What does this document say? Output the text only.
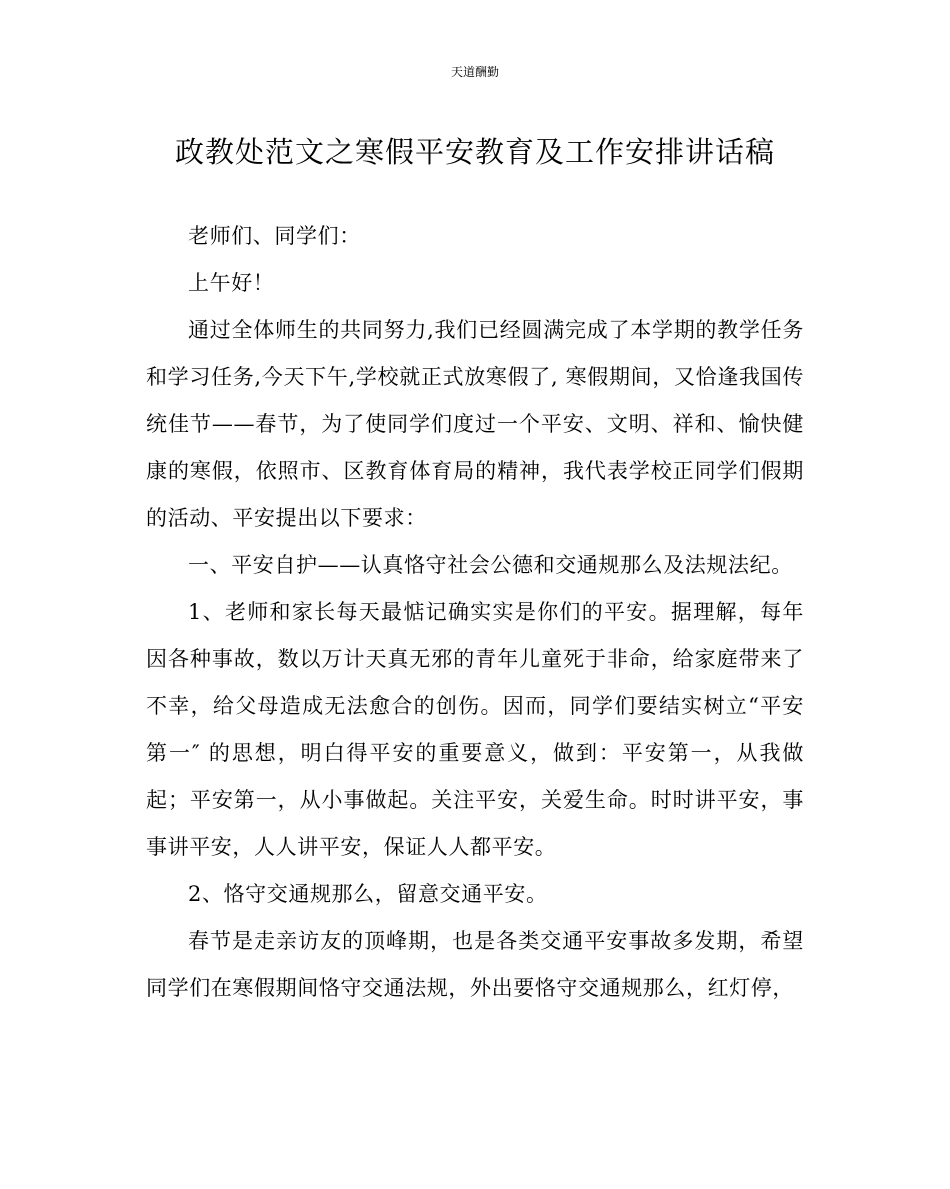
天道酬勤
政教处范文之寒假平安教育及工作安排讲话稿

老师们、同学们：

上午好！

通过全体师生的共同努力,我们已经圆满完成了本学期的教学任务和学习任务,今天下午,学校就正式放寒假了, 寒假期间，又恰逢我国传统佳节——春节，为了使同学们度过一个平安、文明、祥和、愉快健康的寒假，依照市、区教育体育局的精神，我代表学校正同学们假期的活动、平安提出以下要求：

一、平安自护——认真恪守社会公德和交通规那么及法规法纪。

1、老师和家长每天最惦记确实实是你们的平安。据理解，每年因各种事故，数以万计天真无邪的青年儿童死于非命，给家庭带来了不幸，给父母造成无法愈合的创伤。因而，同学们要结实树立“平安第一″ 的思想，明白得平安的重要意义，做到：平安第一，从我做起；平安第一，从小事做起。关注平安，关爱生命。时时讲平安，事事讲平安，人人讲平安，保证人人都平安。

2、恪守交通规那么，留意交通平安。

春节是走亲访友的顶峰期，也是各类交通平安事故多发期，希望同学们在寒假期间恪守交通法规，外出要恪守交通规那么，红灯停，
